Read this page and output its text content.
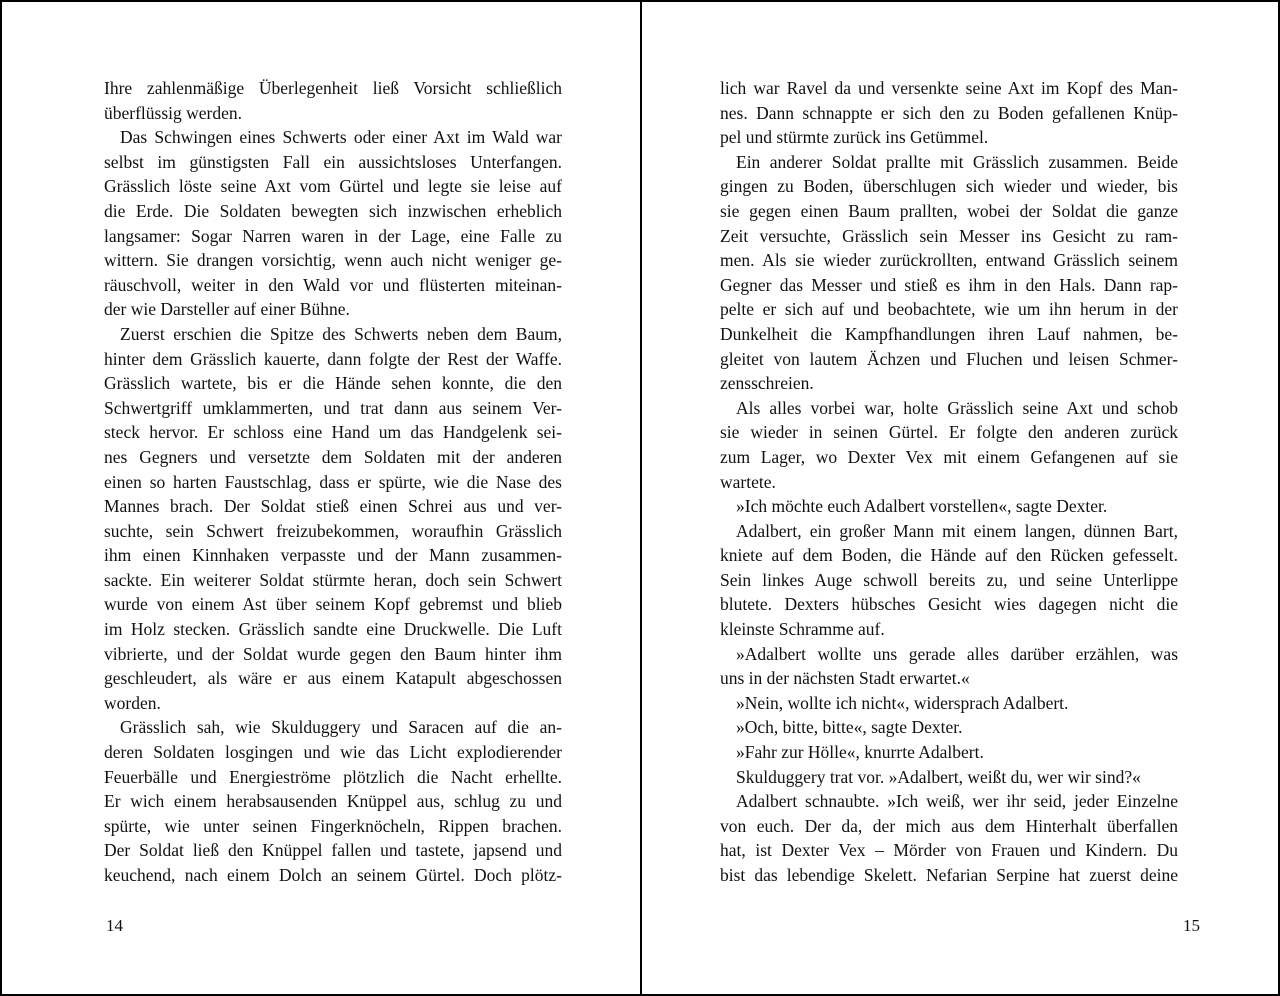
Ihre zahlenmäßige Überlegenheit ließ Vorsicht schließlich
überflüssig werden.
Das Schwingen eines Schwerts oder einer Axt im Wald war
selbst im günstigsten Fall ein aussichtsloses Unterfangen.
Grässlich löste seine Axt vom Gürtel und legte sie leise auf
die Erde. Die Soldaten bewegten sich inzwischen erheblich
langsamer: Sogar Narren waren in der Lage, eine Falle zu
wittern. Sie drangen vorsichtig, wenn auch nicht weniger ge-
räuschvoll, weiter in den Wald vor und flüsterten miteinan-
der wie Darsteller auf einer Bühne.
Zuerst erschien die Spitze des Schwerts neben dem Baum,
hinter dem Grässlich kauerte, dann folgte der Rest der Waffe.
Grässlich wartete, bis er die Hände sehen konnte, die den
Schwertgriff umklammerten, und trat dann aus seinem Ver-
steck hervor. Er schloss eine Hand um das Handgelenk sei-
nes Gegners und versetzte dem Soldaten mit der anderen
einen so harten Faustschlag, dass er spürte, wie die Nase des
Mannes brach. Der Soldat stieß einen Schrei aus und ver-
suchte, sein Schwert freizubekommen, woraufhin Grässlich
ihm einen Kinnhaken verpasste und der Mann zusammen-
sackte. Ein weiterer Soldat stürmte heran, doch sein Schwert
wurde von einem Ast über seinem Kopf gebremst und blieb
im Holz stecken. Grässlich sandte eine Druckwelle. Die Luft
vibrierte, und der Soldat wurde gegen den Baum hinter ihm
geschleudert, als wäre er aus einem Katapult abgeschossen
worden.
Grässlich sah, wie Skulduggery und Saracen auf die an-
deren Soldaten losgingen und wie das Licht explodierender
Feuerbälle und Energieströme plötzlich die Nacht erhellte.
Er wich einem herabsausenden Knüppel aus, schlug zu und
spürte, wie unter seinen Fingerknöcheln, Rippen brachen.
Der Soldat ließ den Knüppel fallen und tastete, japsend und
keuchend, nach einem Dolch an seinem Gürtel. Doch plötz-
14
lich war Ravel da und versenkte seine Axt im Kopf des Man-
nes. Dann schnappte er sich den zu Boden gefallenen Knüp-
pel und stürmte zurück ins Getümmel.
Ein anderer Soldat prallte mit Grässlich zusammen. Beide
gingen zu Boden, überschlugen sich wieder und wieder, bis
sie gegen einen Baum prallten, wobei der Soldat die ganze
Zeit versuchte, Grässlich sein Messer ins Gesicht zu ram-
men. Als sie wieder zurückrollten, entwand Grässlich seinem
Gegner das Messer und stieß es ihm in den Hals. Dann rap-
pelte er sich auf und beobachtete, wie um ihn herum in der
Dunkelheit die Kampfhandlungen ihren Lauf nahmen, be-
gleitet von lautem Ächzen und Fluchen und leisen Schmer-
zensschreien.
Als alles vorbei war, holte Grässlich seine Axt und schob
sie wieder in seinen Gürtel. Er folgte den anderen zurück
zum Lager, wo Dexter Vex mit einem Gefangenen auf sie
wartete.
»Ich möchte euch Adalbert vorstellen«, sagte Dexter.
Adalbert, ein großer Mann mit einem langen, dünnen Bart,
kniete auf dem Boden, die Hände auf den Rücken gefesselt.
Sein linkes Auge schwoll bereits zu, und seine Unterlippe
blutete. Dexters hübsches Gesicht wies dagegen nicht die
kleinste Schramme auf.
»Adalbert wollte uns gerade alles darüber erzählen, was
uns in der nächsten Stadt erwartet.«
»Nein, wollte ich nicht«, widersprach Adalbert.
»Och, bitte, bitte«, sagte Dexter.
»Fahr zur Hölle«, knurrte Adalbert.
Skulduggery trat vor. »Adalbert, weißt du, wer wir sind?«
Adalbert schnaubte. »Ich weiß, wer ihr seid, jeder Einzelne
von euch. Der da, der mich aus dem Hinterhalt überfallen
hat, ist Dexter Vex – Mörder von Frauen und Kindern. Du
bist das lebendige Skelett. Nefarian Serpine hat zuerst deine
15
